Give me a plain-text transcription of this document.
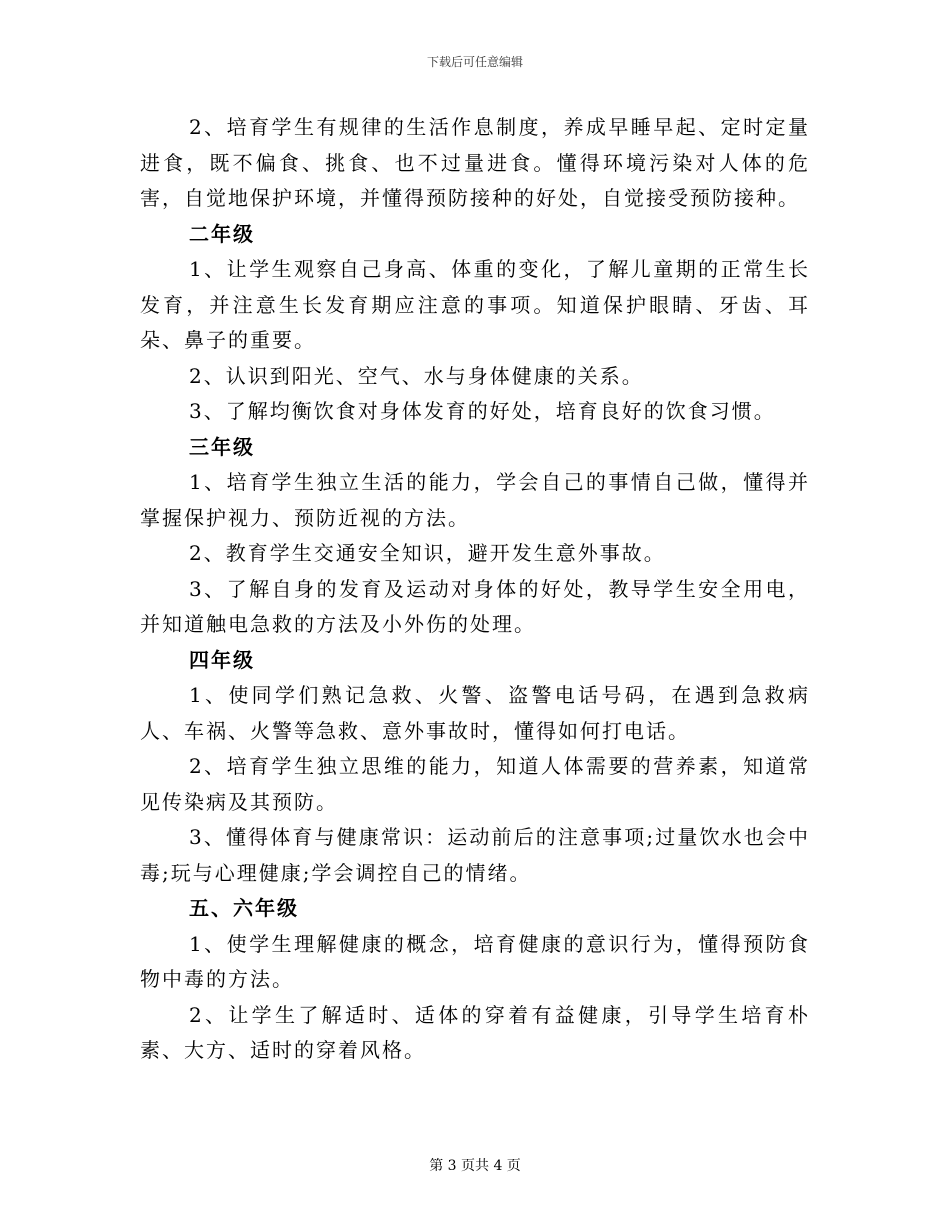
下载后可任意编辑

2、培育学生有规律的生活作息制度，养成早睡早起、定时定量进食，既不偏食、挑食、也不过量进食。懂得环境污染对人体的危害，自觉地保护环境，并懂得预防接种的好处，自觉接受预防接种。

二年级

1、让学生观察自己身高、体重的变化，了解儿童期的正常生长发育，并注意生长发育期应注意的事项。知道保护眼睛、牙齿、耳朵、鼻子的重要。

2、认识到阳光、空气、水与身体健康的关系。

3、了解均衡饮食对身体发育的好处，培育良好的饮食习惯。

三年级

1、培育学生独立生活的能力，学会自己的事情自己做，懂得并掌握保护视力、预防近视的方法。

2、教育学生交通安全知识，避开发生意外事故。

3、了解自身的发育及运动对身体的好处，教导学生安全用电，并知道触电急救的方法及小外伤的处理。

四年级

1、使同学们熟记急救、火警、盗警电话号码，在遇到急救病人、车祸、火警等急救、意外事故时，懂得如何打电话。

2、培育学生独立思维的能力，知道人体需要的营养素，知道常见传染病及其预防。

3、懂得体育与健康常识：运动前后的注意事项;过量饮水也会中毒;玩与心理健康;学会调控自己的情绪。

五、六年级

1、使学生理解健康的概念，培育健康的意识行为，懂得预防食物中毒的方法。

2、让学生了解适时、适体的穿着有益健康，引导学生培育朴素、大方、适时的穿着风格。

第 3 页共 4 页
